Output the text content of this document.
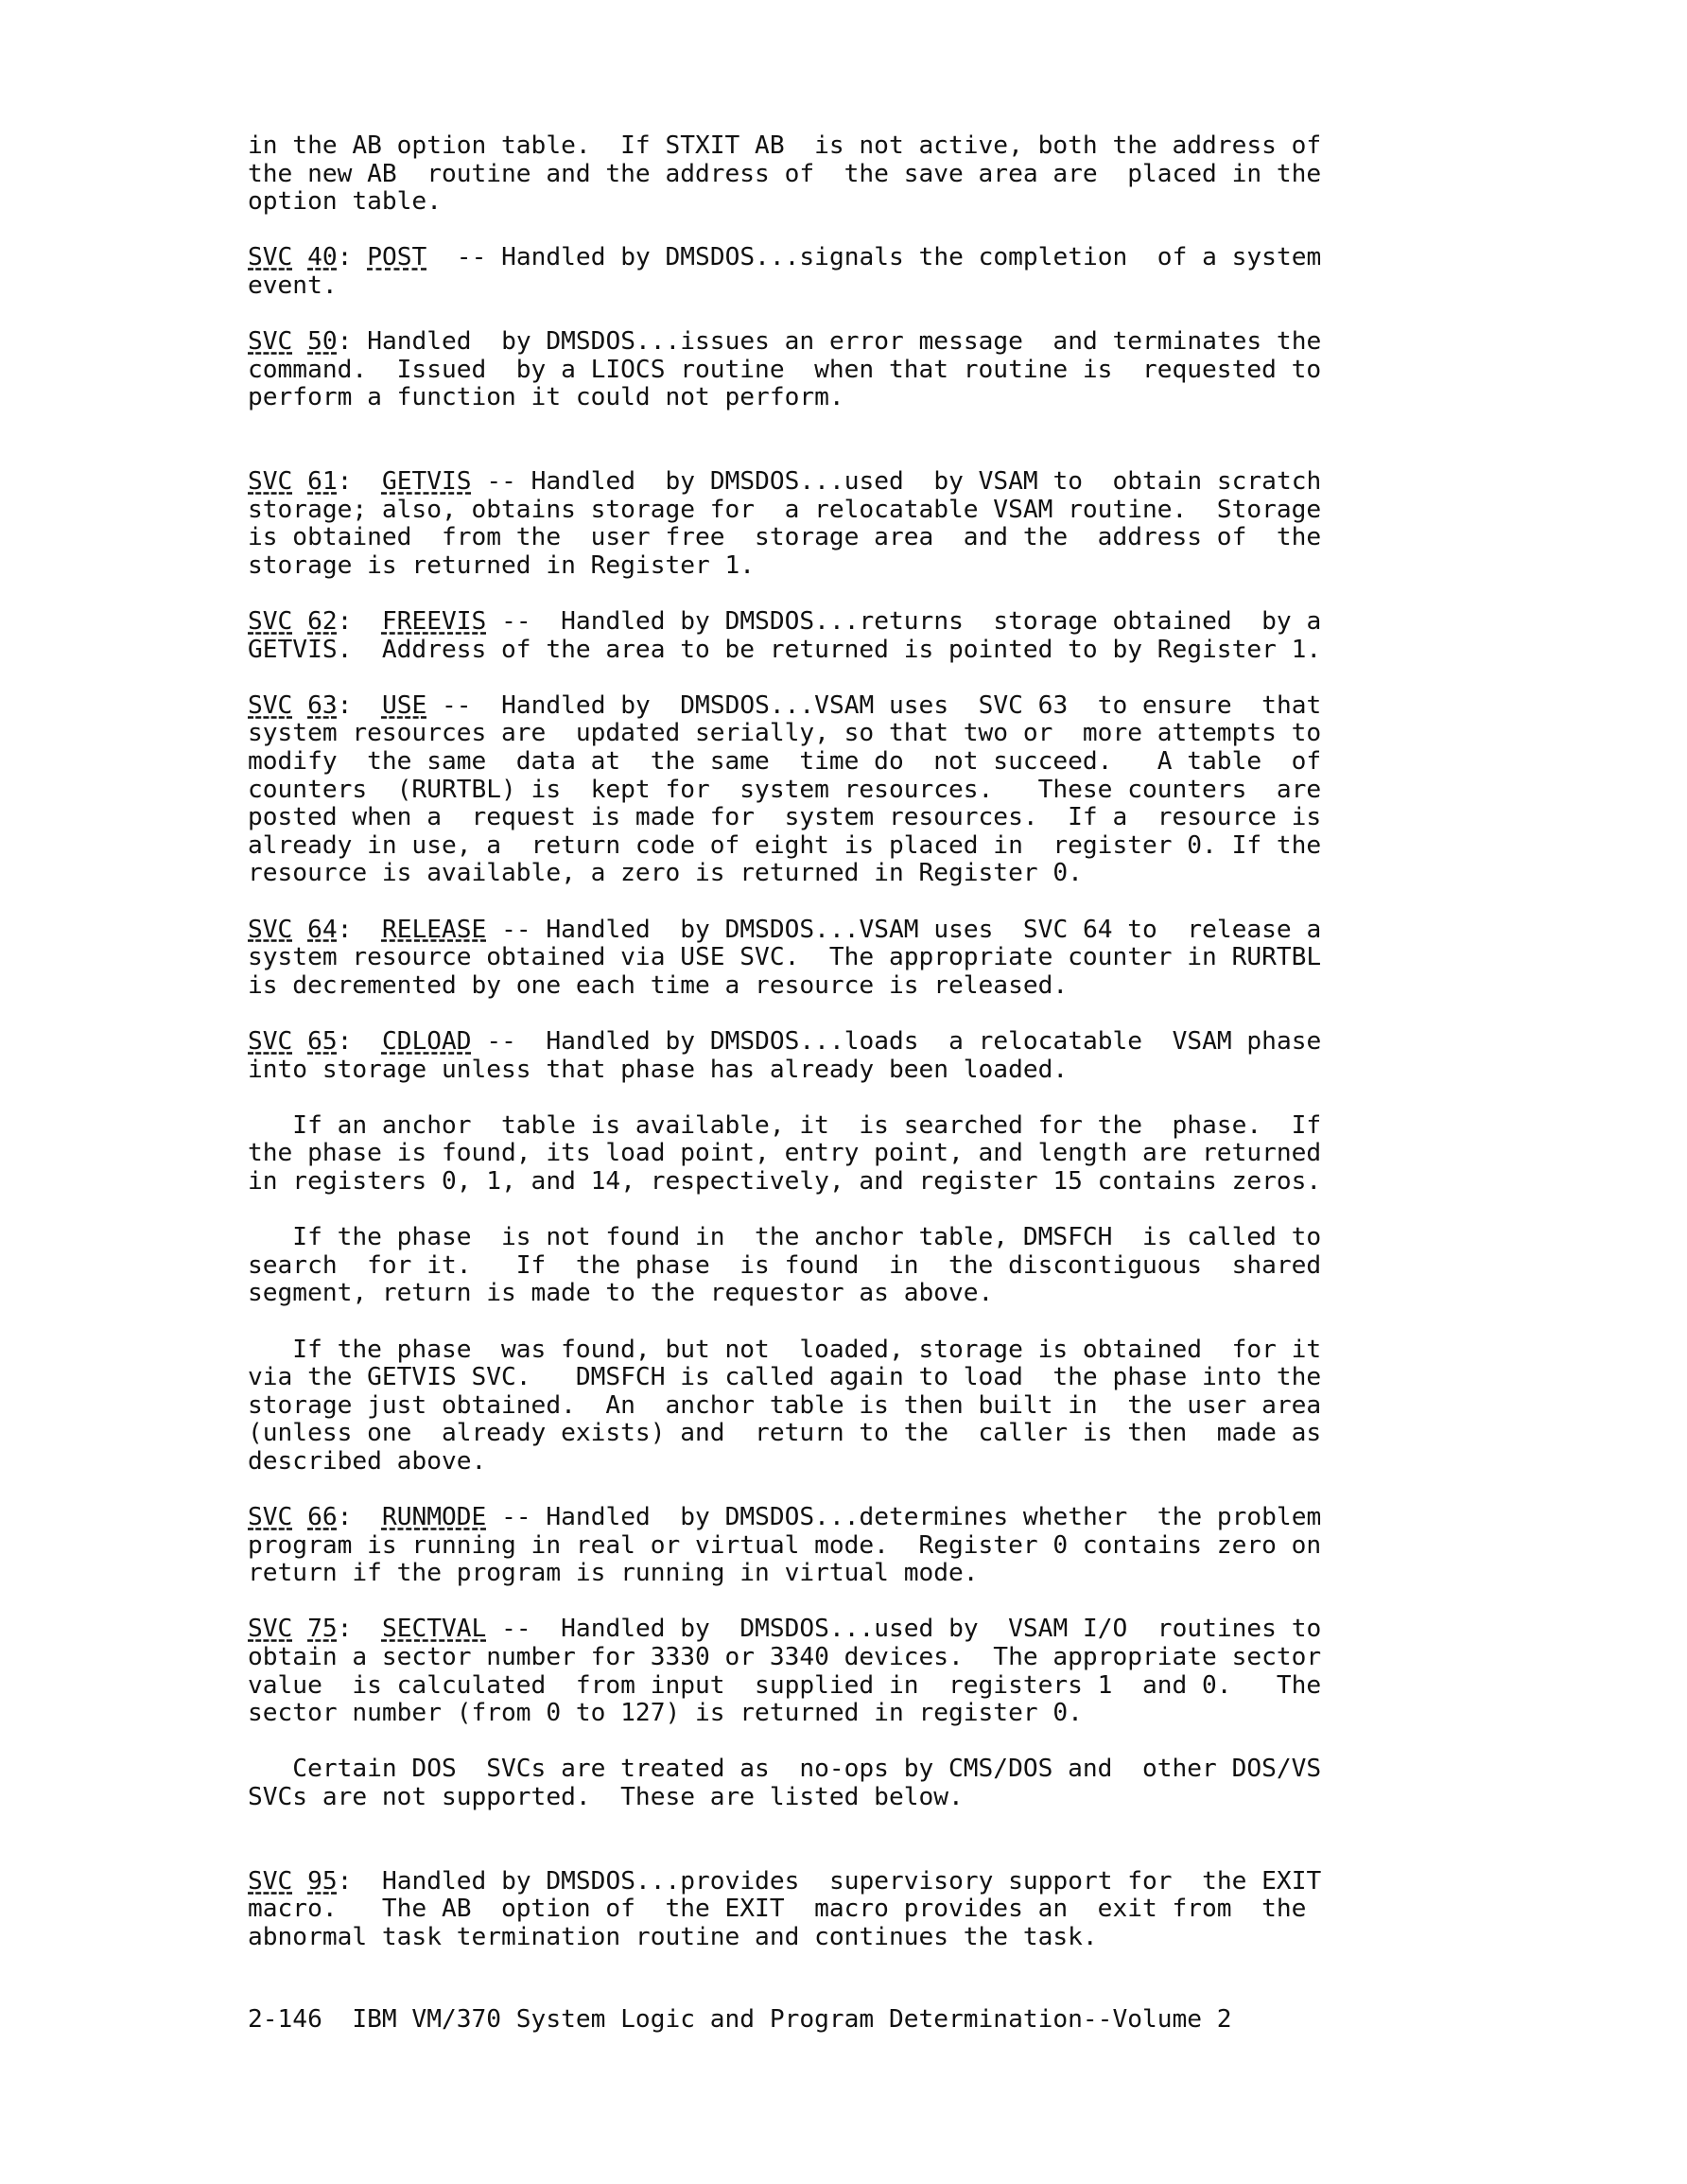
in the AB option table.  If STXIT AB  is not active, both the address of
the new AB  routine and the address of  the save area are  placed in the
option table.
SVC 40: POST  -- Handled by DMSDOS...signals the completion  of a system
event.
SVC 50: Handled  by DMSDOS...issues an error message  and terminates the
command.  Issued  by a LIOCS routine  when that routine is  requested to
perform a function it could not perform.
SVC 61:  GETVIS -- Handled  by DMSDOS...used  by VSAM to  obtain scratch
storage; also, obtains storage for  a relocatable VSAM routine.  Storage
is obtained  from the  user free  storage area  and the  address of  the
storage is returned in Register 1.
SVC 62:  FREEVIS --  Handled by DMSDOS...returns  storage obtained  by a
GETVIS.  Address of the area to be returned is pointed to by Register 1.
SVC 63:  USE --  Handled by  DMSDOS...VSAM uses  SVC 63  to ensure  that
system resources are  updated serially, so that two or  more attempts to
modify  the same  data at  the same  time do  not succeed.   A table  of
counters  (RURTBL) is  kept for  system resources.   These counters  are
posted when a  request is made for  system resources.  If a  resource is
already in use, a  return code of eight is placed in  register 0. If the
resource is available, a zero is returned in Register 0.
SVC 64:  RELEASE -- Handled  by DMSDOS...VSAM uses  SVC 64 to  release a
system resource obtained via USE SVC.  The appropriate counter in RURTBL
is decremented by one each time a resource is released.
SVC 65:  CDLOAD --  Handled by DMSDOS...loads  a relocatable  VSAM phase
into storage unless that phase has already been loaded.
If an anchor  table is available, it  is searched for the  phase.  If
the phase is found, its load point, entry point, and length are returned
in registers 0, 1, and 14, respectively, and register 15 contains zeros.
If the phase  is not found in  the anchor table, DMSFCH  is called to
search  for it.   If  the phase  is found  in  the discontiguous  shared
segment, return is made to the requestor as above.
If the phase  was found, but not  loaded, storage is obtained  for it
via the GETVIS SVC.   DMSFCH is called again to load  the phase into the
storage just obtained.  An  anchor table is then built in  the user area
(unless one  already exists) and  return to the  caller is then  made as
described above.
SVC 66:  RUNMODE -- Handled  by DMSDOS...determines whether  the problem
program is running in real or virtual mode.  Register 0 contains zero on
return if the program is running in virtual mode.
SVC 75:  SECTVAL --  Handled by  DMSDOS...used by  VSAM I/O  routines to
obtain a sector number for 3330 or 3340 devices.  The appropriate sector
value  is calculated  from input  supplied in  registers 1  and 0.   The
sector number (from 0 to 127) is returned in register 0.
Certain DOS  SVCs are treated as  no-ops by CMS/DOS and  other DOS/VS
SVCs are not supported.  These are listed below.
SVC 95:  Handled by DMSDOS...provides  supervisory support for  the EXIT
macro.   The AB  option of  the EXIT  macro provides an  exit from  the
abnormal task termination routine and continues the task.
2-146  IBM VM/370 System Logic and Program Determination--Volume 2
